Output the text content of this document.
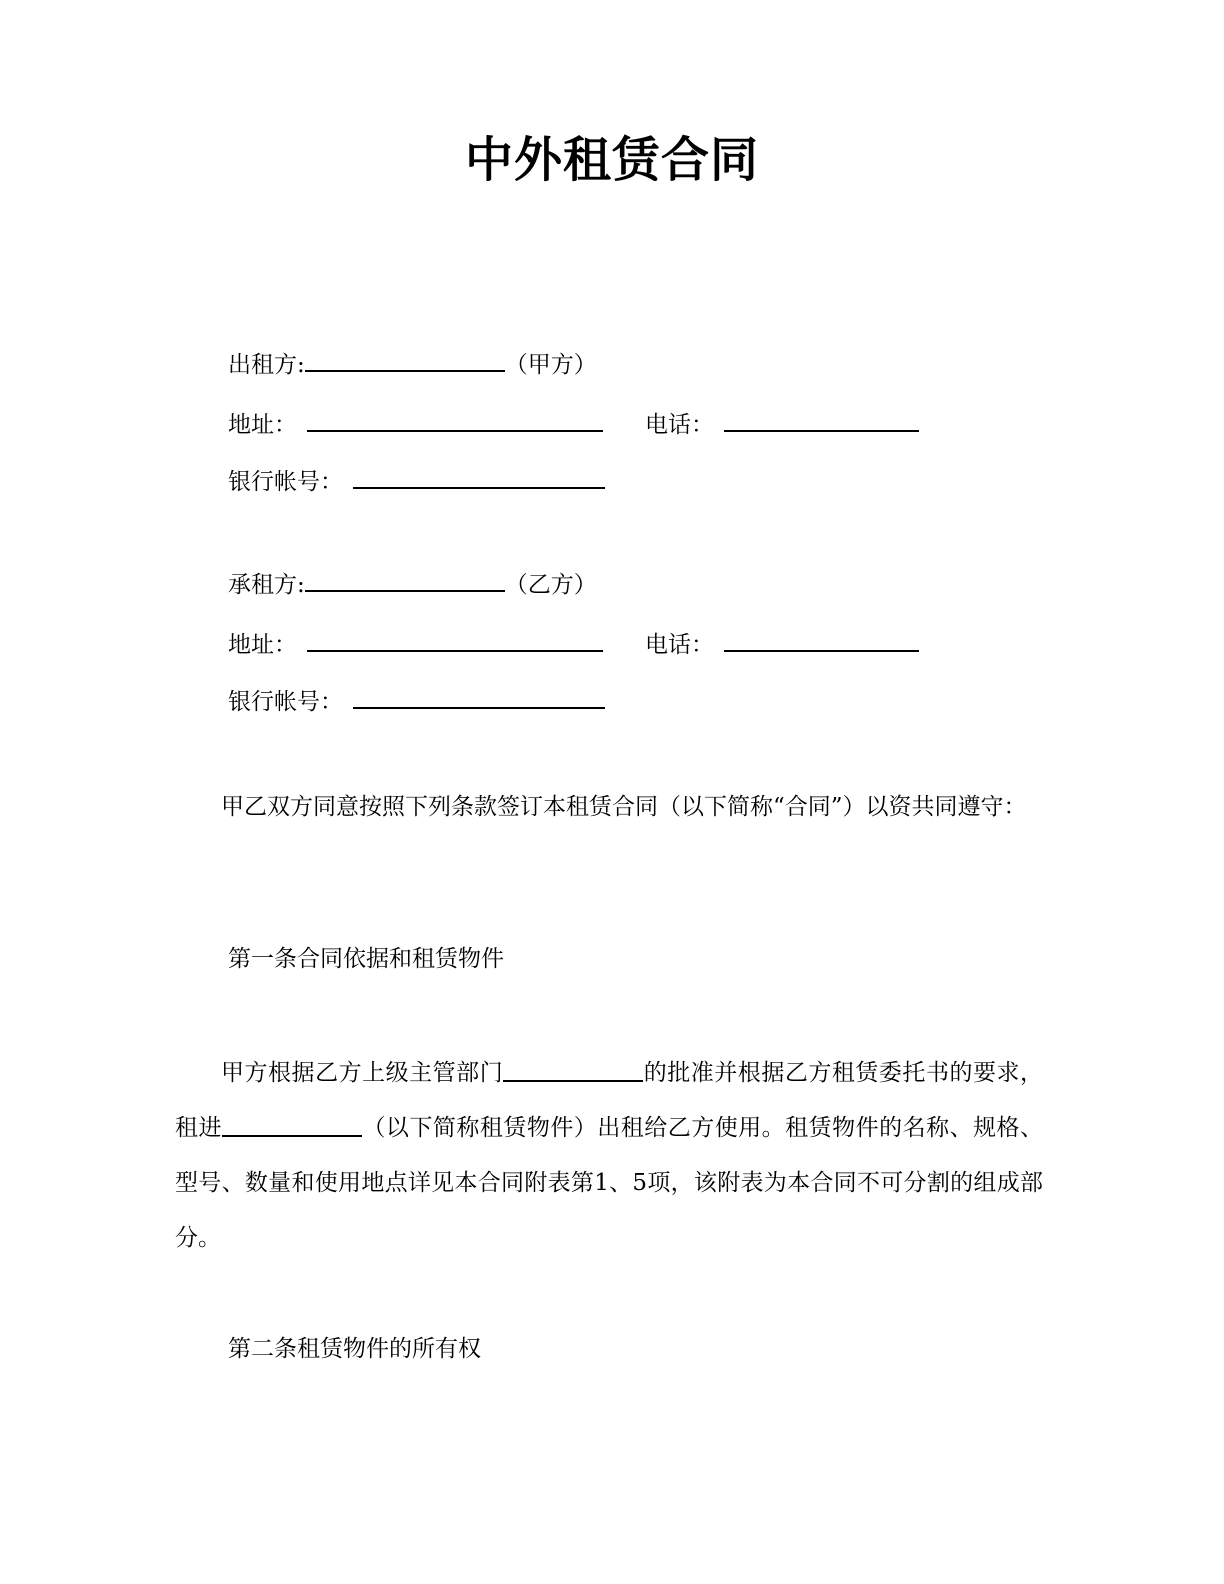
中外租赁合同
出租方:	（甲方）
地址：	电话：
银行帐号：
承租方:	（乙方）
地址：	电话：
银行帐号：
甲乙双方同意按照下列条款签订本租赁合同（以下简称“合同”）以资共同遵守：
第一条合同依据和租赁物件
甲方根据乙方上级主管部门	的批准并根据乙方租赁委托书的要求，租进	（以下简称租赁物件）出租给乙方使用。租赁物件的名称、规格、型号、数量和使用地点详见本合同附表第1、5项，该附表为本合同不可分割的组成部分。
第二条租赁物件的所有权
